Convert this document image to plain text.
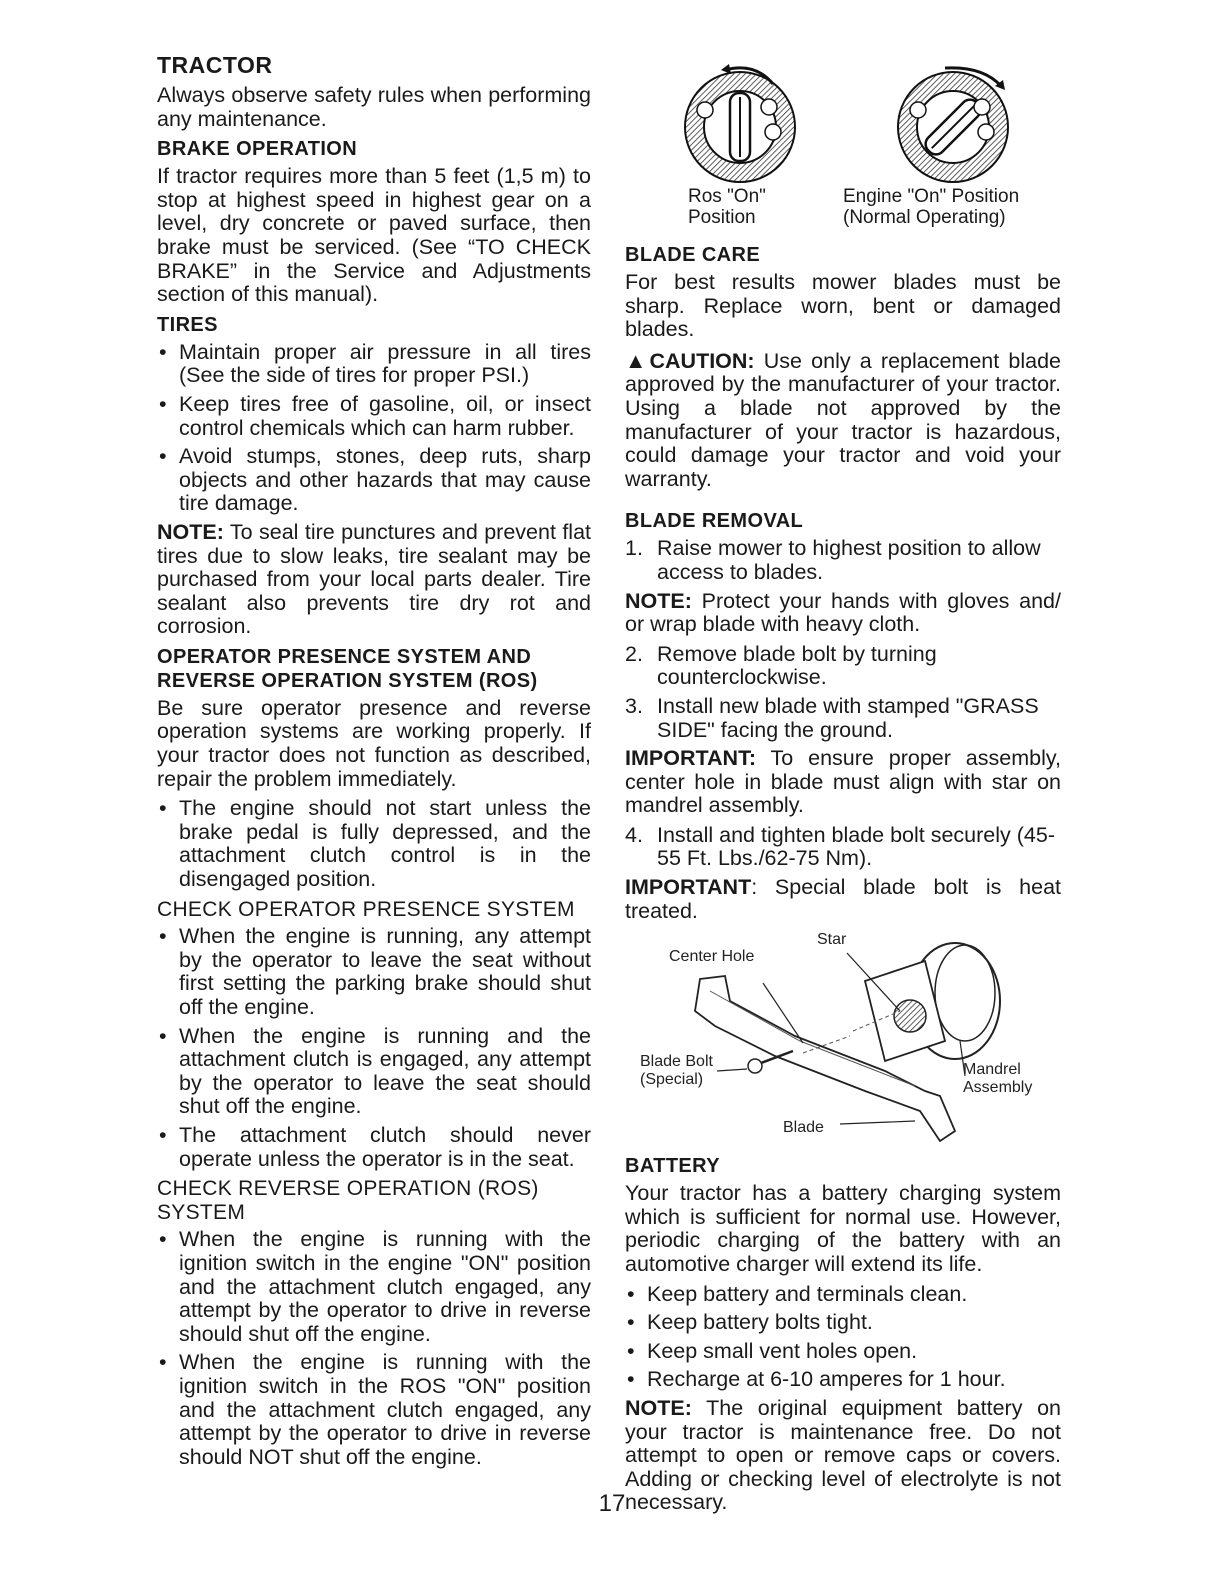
TRACTOR

Always observe safety rules when performing any maintenance.

BRAKE OPERATION

If tractor requires more than 5 feet (1,5 m) to stop at highest speed in highest gear on a level, dry concrete or paved surface, then brake must be serviced. (See “TO CHECK BRAKE” in the Service and Adjustments section of this manual).

TIRES
• Maintain proper air pressure in all tires (See the side of tires for proper PSI.)
• Keep tires free of gasoline, oil, or insect control chemicals which can harm rubber.
• Avoid stumps, stones, deep ruts, sharp objects and other hazards that may cause tire damage.

NOTE: To seal tire punctures and prevent flat tires due to slow leaks, tire sealant may be purchased from your local parts dealer. Tire sealant also prevents tire dry rot and corrosion.

OPERATOR PRESENCE SYSTEM AND REVERSE OPERATION SYSTEM (ROS)

Be sure operator presence and reverse operation systems are working properly. If your tractor does not function as described, repair the problem immediately.

• The engine should not start unless the brake pedal is fully depressed, and the attachment clutch control is in the disengaged position.
CHECK OPERATOR PRESENCE SYSTEM
• When the engine is running, any attempt by the operator to leave the seat without first setting the parking brake should shut off the engine.
• When the engine is running and the attachment clutch is engaged, any attempt by the operator to leave the seat should shut off the engine.
• The attachment clutch should never operate unless the operator is in the seat.
CHECK REVERSE OPERATION (ROS) SYSTEM
• When the engine is running with the ignition switch in the engine "ON" position and the attachment clutch engaged, any attempt by the operator to drive in reverse should shut off the engine.
• When the engine is running with the ignition switch in the ROS "ON" position and the attachment clutch engaged, any attempt by the operator to drive in reverse should NOT shut off the engine.
Ros "On"
Position
Engine "On" Position
(Normal Operating)
BLADE CARE

For best results mower blades must be sharp. Replace worn, bent or damaged blades.

▲CAUTION: Use only a replacement blade approved by the manufacturer of your tractor. Using a blade not approved by the manufacturer of your tractor is hazardous, could damage your tractor and void your warranty.

BLADE REMOVAL
1. Raise mower to highest position to allow access to blades.

NOTE: Protect your hands with gloves and/ or wrap blade with heavy cloth.

2. Remove blade bolt by turning counterclockwise.
3. Install new blade with stamped "GRASS SIDE" facing the ground.

IMPORTANT: To ensure proper assembly, center hole in blade must align with star on mandrel assembly.

4. Install and tighten blade bolt securely (45-55 Ft. Lbs./62-75 Nm).

IMPORTANT: Special blade bolt is heat treated.

Star
Center Hole
Blade Bolt
(Special)
Mandrel
Assembly
Blade
BATTERY

Your tractor has a battery charging system which is sufficient for normal use. However, periodic charging of the battery with an automotive charger will extend its life.

• Keep battery and terminals clean.
• Keep battery bolts tight.
• Keep small vent holes open.
• Recharge at 6-10 amperes for 1 hour.

NOTE: The original equipment battery on your tractor is maintenance free. Do not attempt to open or remove caps or covers. Adding or checking level of electrolyte is not necessary.

17
